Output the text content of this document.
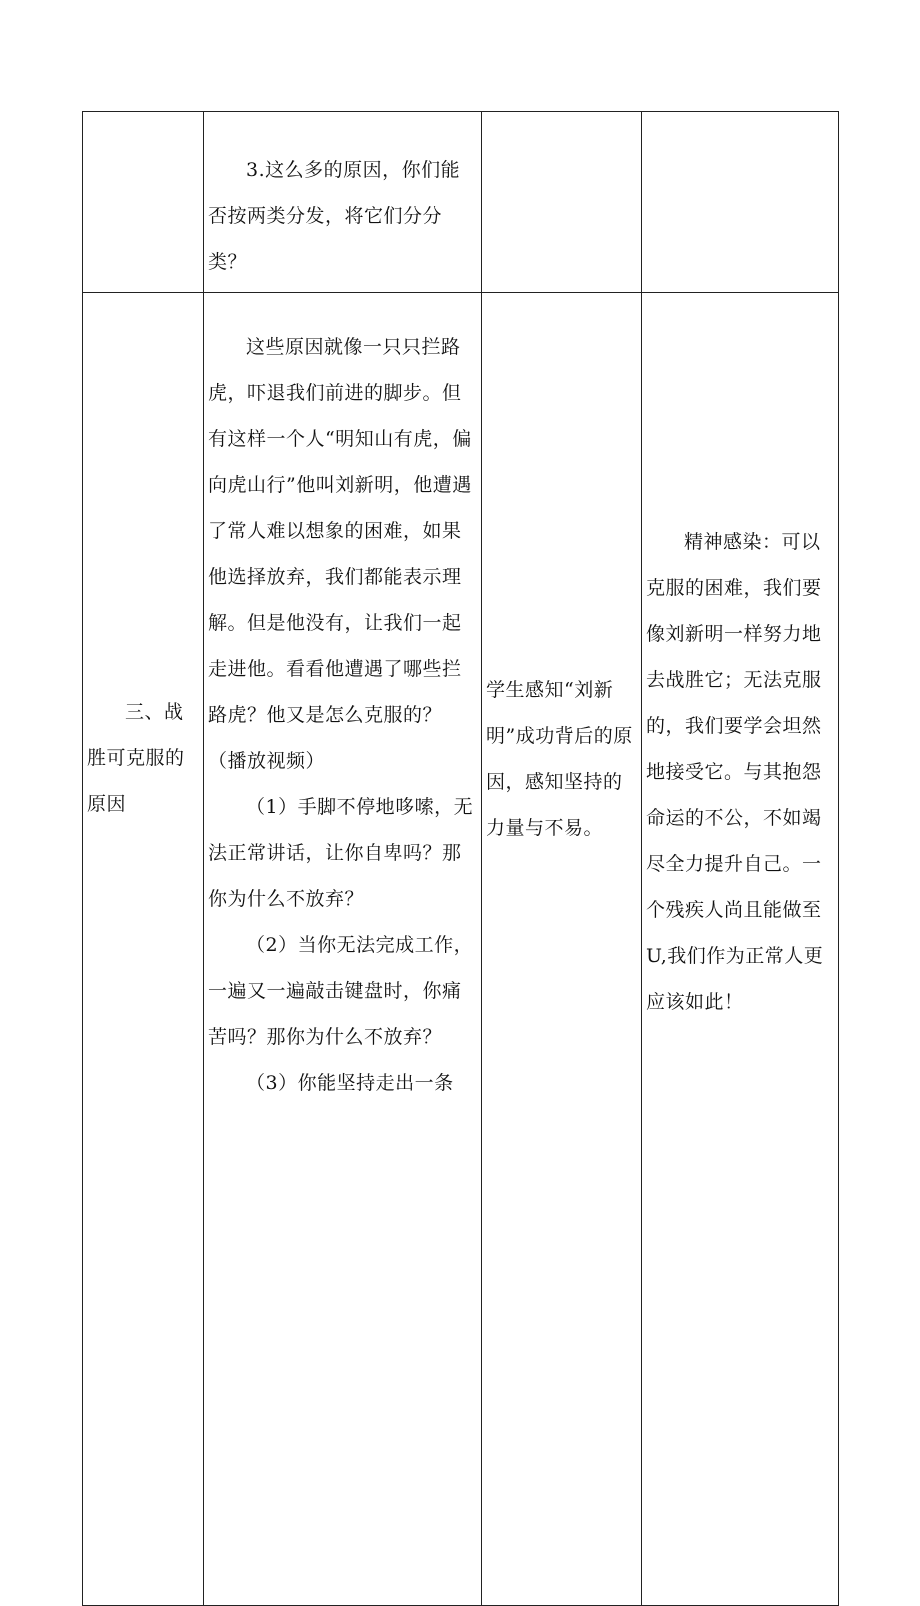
	3.这么多的原因，你们能否按两类分发，将它们分分类？		

三、战胜可克服的原因	这些原因就像一只只拦路虎，吓退我们前进的脚步。但有这样一个人“明知山有虎，偏向虎山行”他叫刘新明，他遭遇了常人难以想象的困难，如果他选择放弃，我们都能表示理解。但是他没有，让我们一起走进他。看看他遭遇了哪些拦路虎？他又是怎么克服的？（播放视频）

（1）手脚不停地哆嗦，无法正常讲话，让你自卑吗？那你为什么不放弃？

（2）当你无法完成工作，一遍又一遍敲击键盘时，你痛苦吗？那你为什么不放弃？

（3）你能坚持走出一条	学生感知“刘新明”成功背后的原因，感知坚持的力量与不易。	精神感染：可以克服的困难，我们要像刘新明一样努力地去战胜它；无法克服的，我们要学会坦然地接受它。与其抱怨命运的不公，不如竭尽全力提升自己。一个残疾人尚且能做至U,我们作为正常人更应该如此！
